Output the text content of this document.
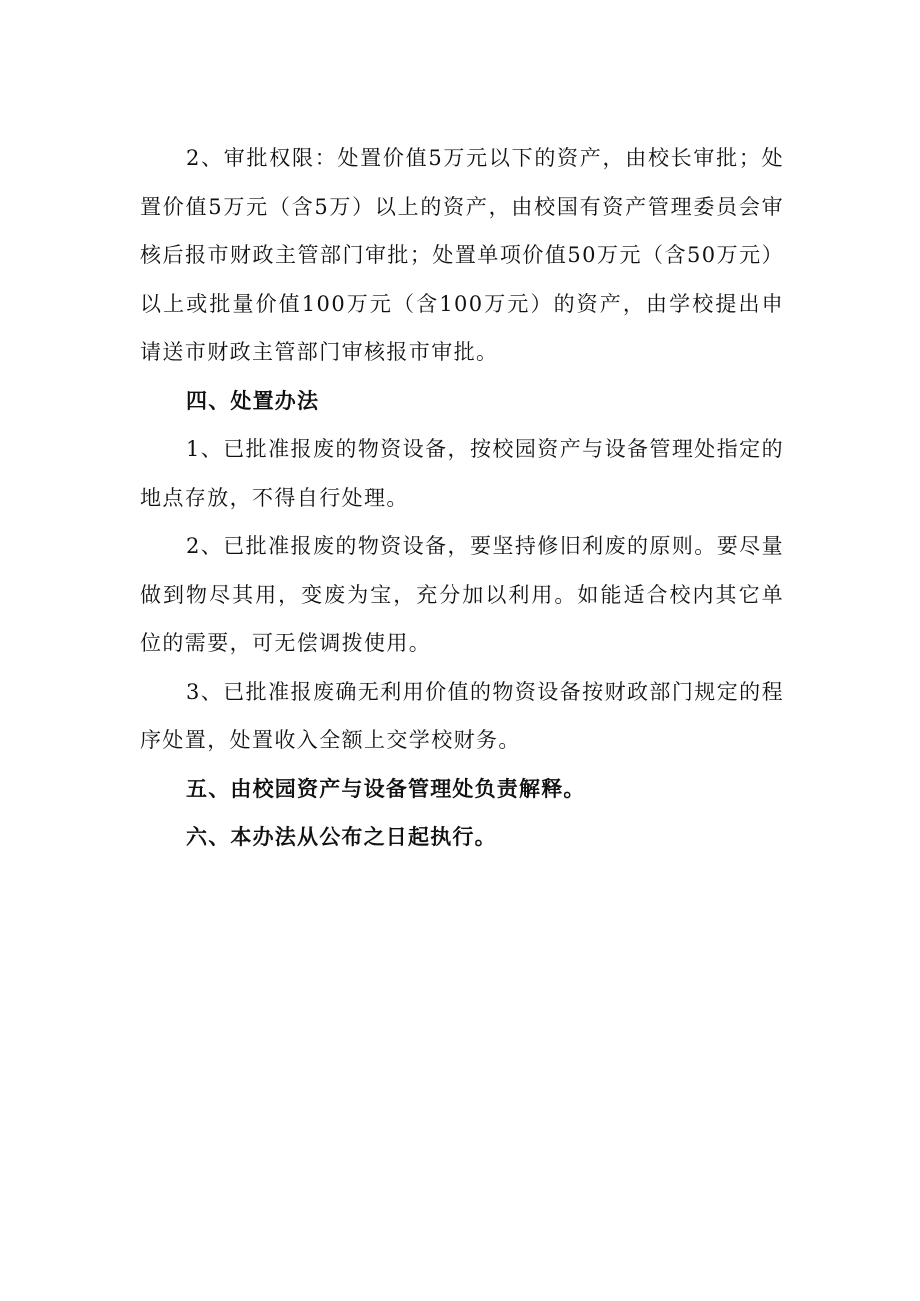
2、审批权限：处置价值5万元以下的资产，由校长审批；处置价值5万元（含5万）以上的资产，由校国有资产管理委员会审核后报市财政主管部门审批；处置单项价值50万元（含50万元）以上或批量价值100万元（含100万元）的资产，由学校提出申请送市财政主管部门审核报市审批。

四、处置办法

1、已批准报废的物资设备，按校园资产与设备管理处指定的地点存放，不得自行处理。

2、已批准报废的物资设备，要坚持修旧利废的原则。要尽量做到物尽其用，变废为宝，充分加以利用。如能适合校内其它单位的需要，可无偿调拨使用。

3、已批准报废确无利用价值的物资设备按财政部门规定的程序处置，处置收入全额上交学校财务。

五、由校园资产与设备管理处负责解释。

六、本办法从公布之日起执行。
